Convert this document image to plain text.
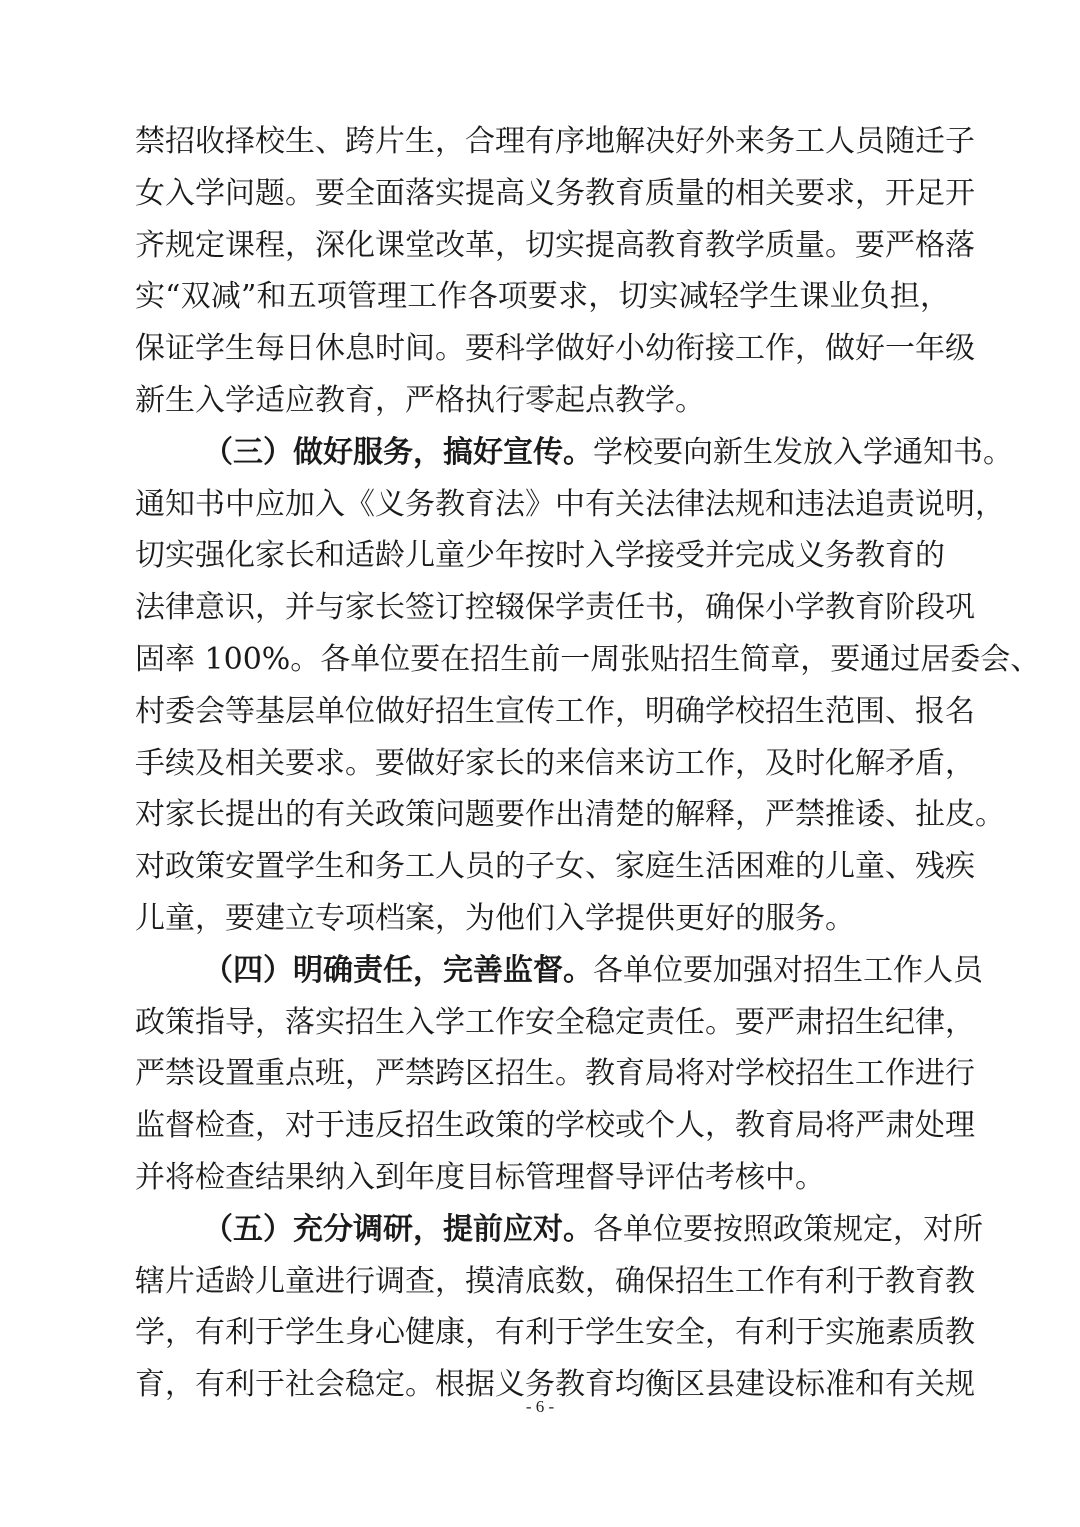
禁招收择校生、跨片生，合理有序地解决好外来务工人员随迁子
女入学问题。要全面落实提高义务教育质量的相关要求，开足开
齐规定课程，深化课堂改革，切实提高教育教学质量。要严格落
实“双减”和五项管理工作各项要求，切实减轻学生课业负担，
保证学生每日休息时间。要科学做好小幼衔接工作，做好一年级
新生入学适应教育，严格执行零起点教学。
（三）做好服务，搞好宣传。学校要向新生发放入学通知书。
通知书中应加入《义务教育法》中有关法律法规和违法追责说明，
切实强化家长和适龄儿童少年按时入学接受并完成义务教育的
法律意识，并与家长签订控辍保学责任书，确保小学教育阶段巩
固率 100%。各单位要在招生前一周张贴招生简章，要通过居委会、
村委会等基层单位做好招生宣传工作，明确学校招生范围、报名
手续及相关要求。要做好家长的来信来访工作，及时化解矛盾，
对家长提出的有关政策问题要作出清楚的解释，严禁推诿、扯皮。
对政策安置学生和务工人员的子女、家庭生活困难的儿童、残疾
儿童，要建立专项档案，为他们入学提供更好的服务。
（四）明确责任，完善监督。各单位要加强对招生工作人员
政策指导，落实招生入学工作安全稳定责任。要严肃招生纪律，
严禁设置重点班，严禁跨区招生。教育局将对学校招生工作进行
监督检查，对于违反招生政策的学校或个人，教育局将严肃处理
并将检查结果纳入到年度目标管理督导评估考核中。
（五）充分调研，提前应对。各单位要按照政策规定，对所
辖片适龄儿童进行调查，摸清底数，确保招生工作有利于教育教
学，有利于学生身心健康，有利于学生安全，有利于实施素质教
育，有利于社会稳定。根据义务教育均衡区县建设标准和有关规
- 6 -
